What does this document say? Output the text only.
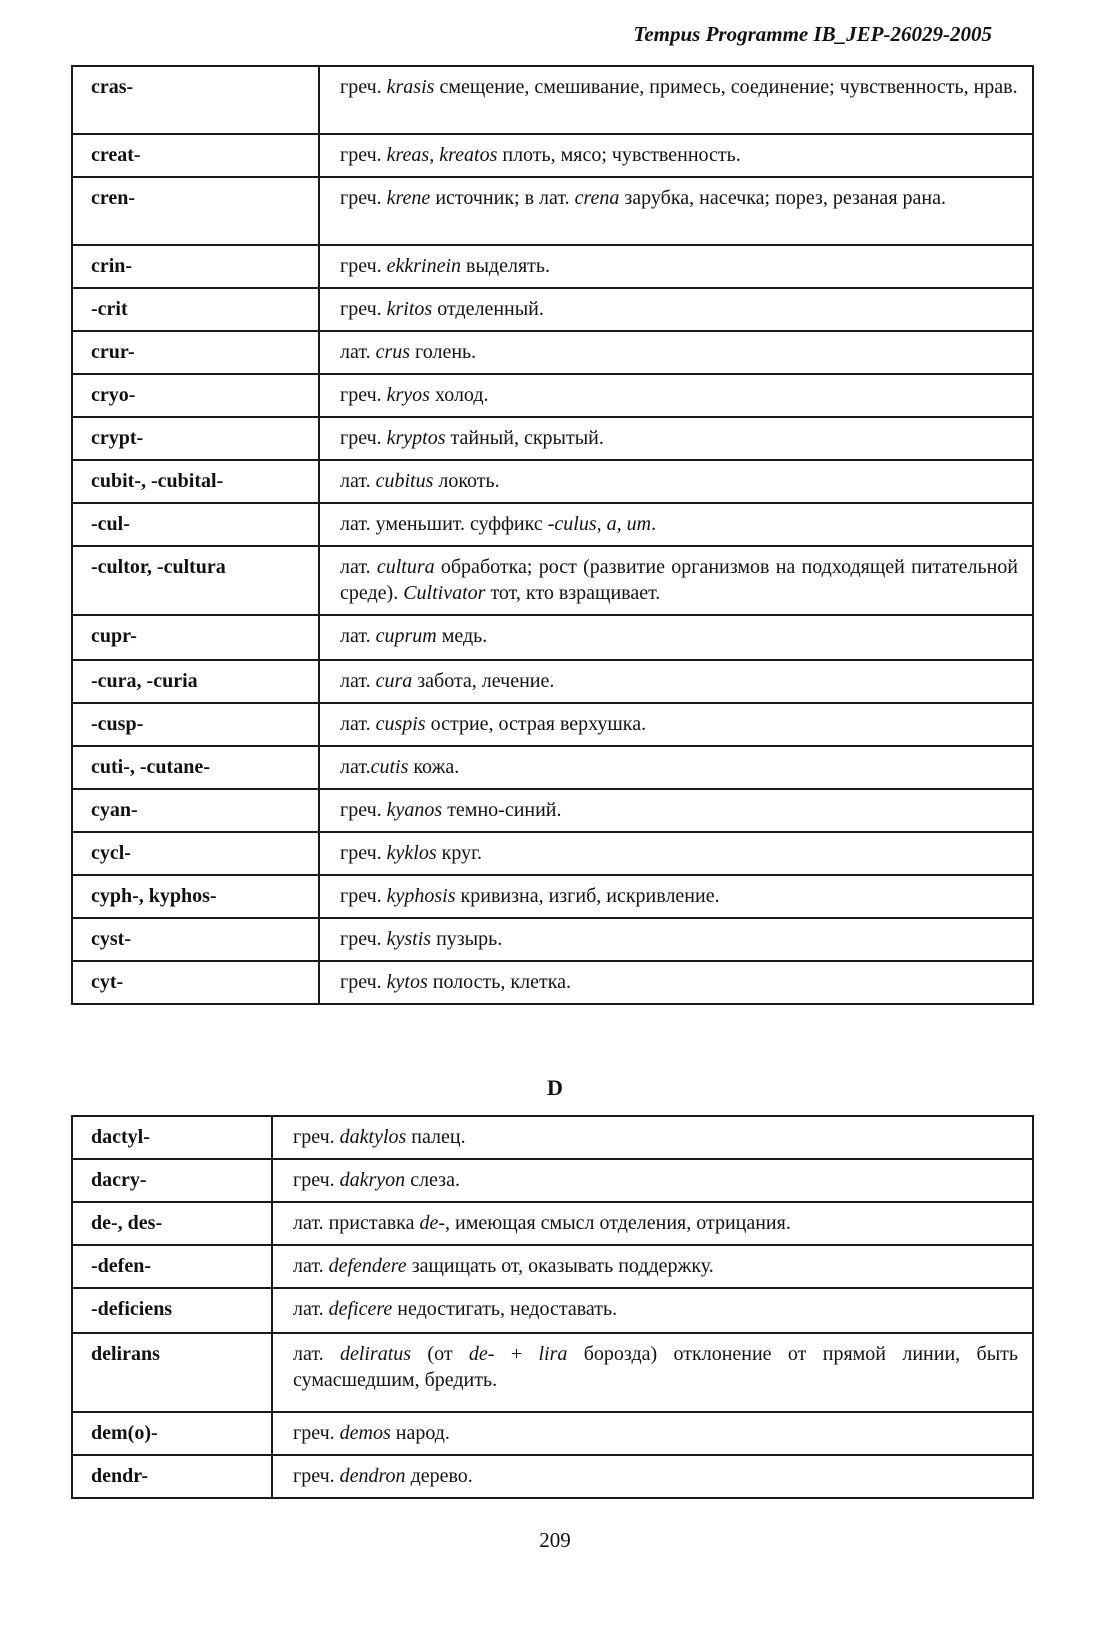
Tempus Programme IB_JEP-26029-2005

cras-	греч. krasis смещение, смешивание, примесь, соединение; чувственность, нрав.
creat-	греч. kreas, kreatos плоть, мясо; чувственность.
cren-	греч. krene источник; в лат. crena зарубка, насечка; порез, резаная рана.
crin-	греч. ekkrinein выделять.
-crit	греч. kritos отделенный.
crur-	лат. crus голень.
cryo-	греч. kryos холод.
crypt-	греч. kryptos тайный, скрытый.
cubit-, -cubital-	лат. cubitus локоть.
-cul-	лат. уменьшит. суффикс -culus, a, um.
-cultor, -cultura	лат. cultura обработка; рост (развитие организмов на подходящей питательной среде). Cultivator тот, кто взращивает.
cupr-	лат. cuprum медь.
-cura, -curia	лат. cura забота, лечение.
-cusp-	лат. cuspis острие, острая верхушка.
cuti-, -cutane-	лат.cutis кожа.
cyan-	греч. kyanos темно-синий.
cycl-	греч. kyklos круг.
cyph-, kyphos-	греч. kyphosis кривизна, изгиб, искривление.
cyst-	греч. kystis пузырь.
cyt-	греч. kytos полость, клетка.

D

dactyl-	греч. daktylos палец.
dacry-	греч. dakryon слеза.
de-, des-	лат. приставка de-, имеющая смысл отделения, отрицания.
-defen-	лат. defendere защищать от, оказывать поддержку.
-deficiens	лат. deficere недостигать, недоставать.
delirans	лат. deliratus (от de- + lira борозда) отклонение от прямой линии, быть сумасшедшим, бредить.
dem(o)-	греч. demos народ.
dendr-	греч. dendron дерево.

209
